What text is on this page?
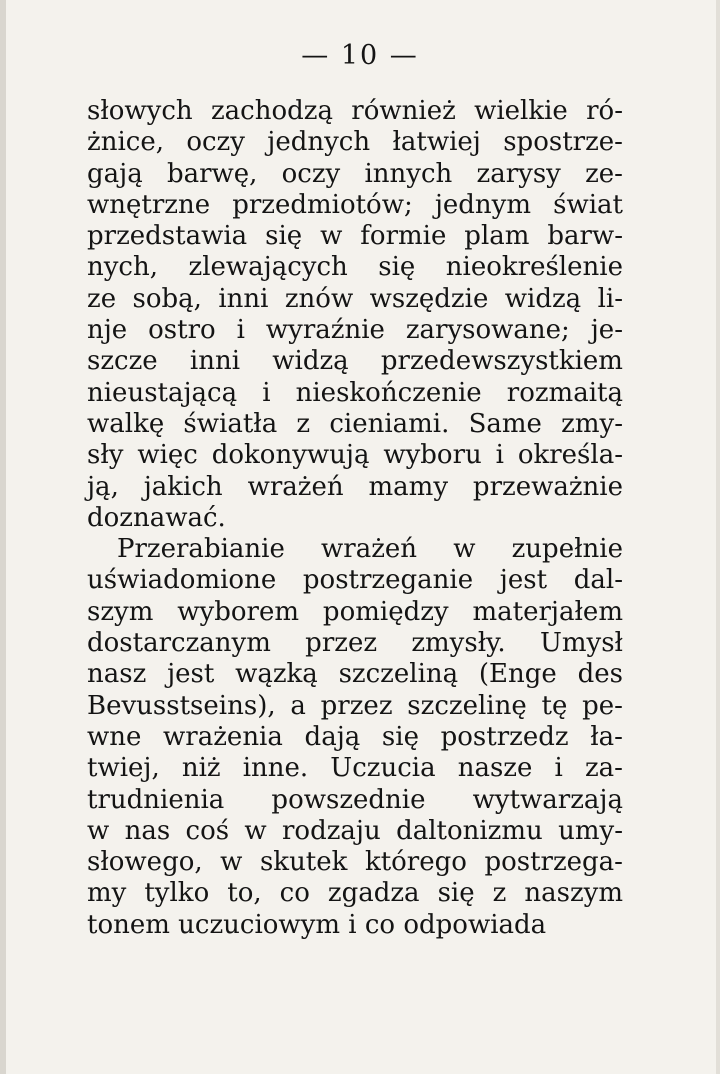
— 10 —
słowych zachodzą również wielkie ró-
żnice, oczy jednych łatwiej spostrze-
gają barwę, oczy innych zarysy ze-
wnętrzne przedmiotów; jednym świat
przedstawia się w formie plam barw-
nych, zlewających się nieokreślenie
ze sobą, inni znów wszędzie widzą li-
nje ostro i wyraźnie zarysowane; je-
szcze inni widzą przedewszystkiem
nieustającą i nieskończenie rozmaitą
walkę światła z cieniami. Same zmy-
sły więc dokonywują wyboru i określa-
ją, jakich wrażeń mamy przeważnie
doznawać.
Przerabianie wrażeń w zupełnie
uświadomione postrzeganie jest dal-
szym wyborem pomiędzy materjałem
dostarczanym przez zmysły. Umysł
nasz jest wązką szczeliną (Enge des
Bevusstseins), a przez szczelinę tę pe-
wne wrażenia dają się postrzedz ła-
twiej, niż inne. Uczucia nasze i za-
trudnienia powszednie wytwarzają
w nas coś w rodzaju daltonizmu umy-
słowego, w skutek którego postrzega-
my tylko to, co zgadza się z naszym
tonem uczuciowym i co odpowiada
